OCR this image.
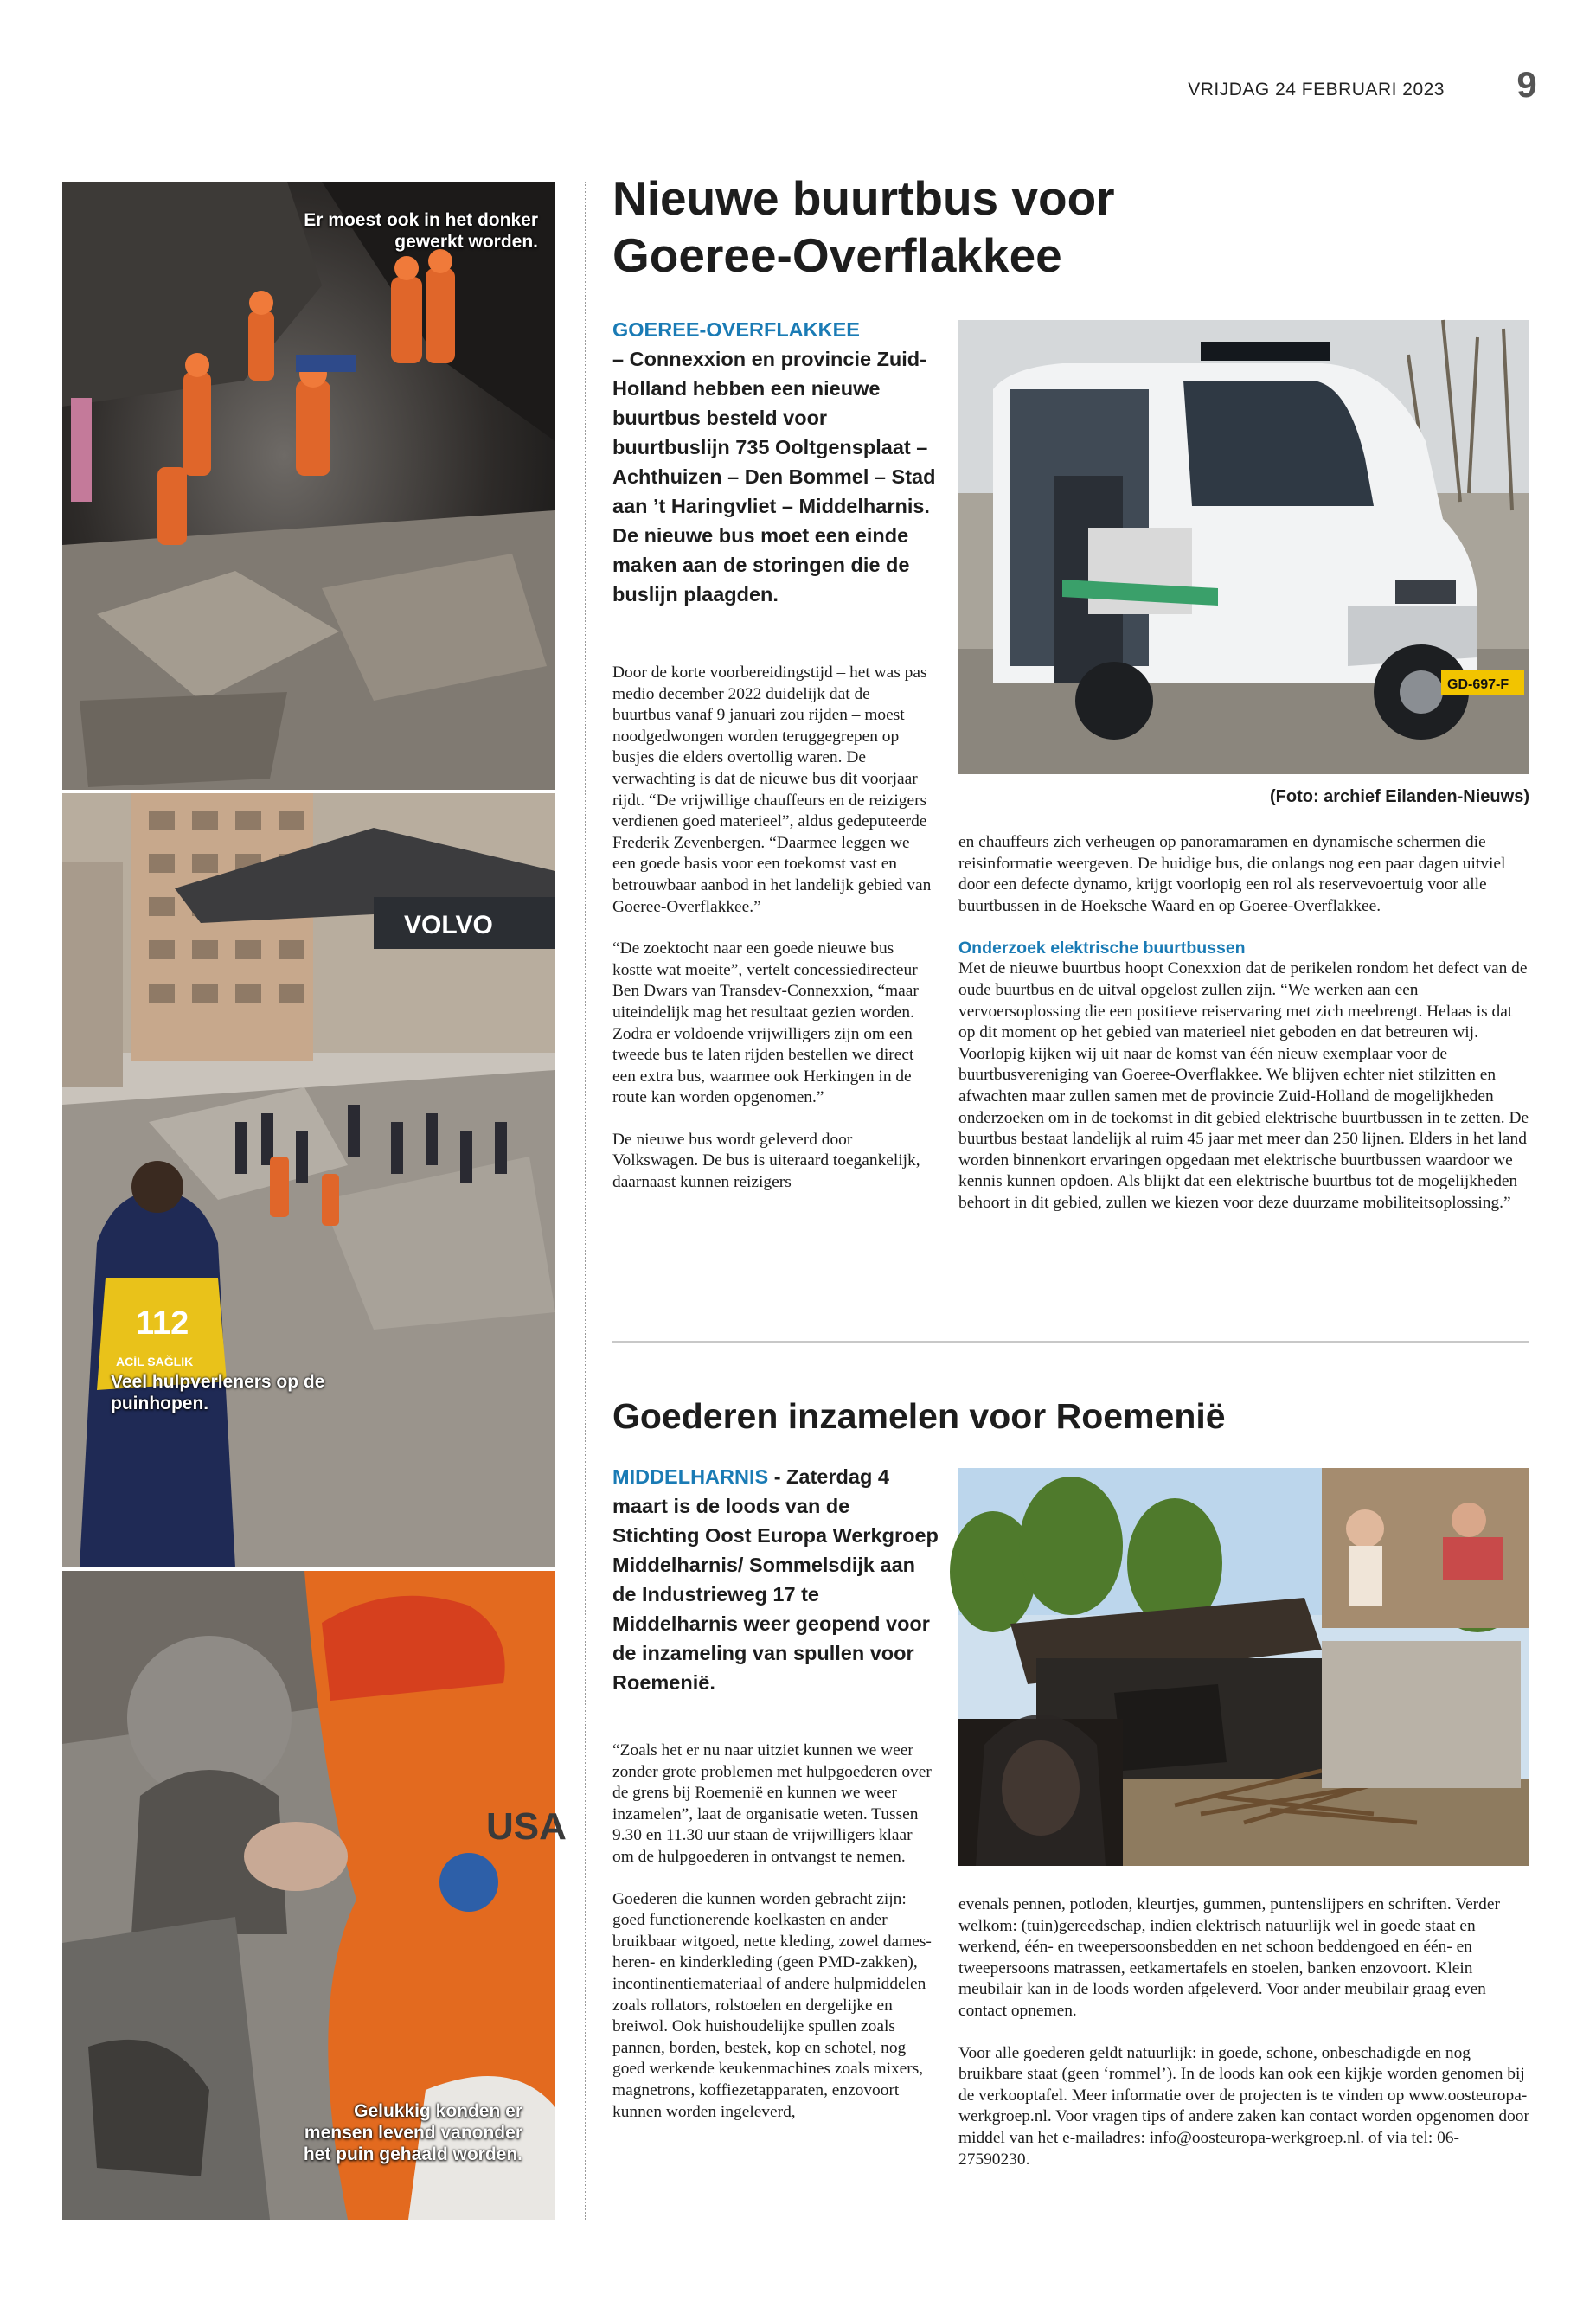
VRIJDAG 24 FEBRUARI 2023	9
Er moest ook in het donker gewerkt worden.
VOLVO
112
ACİL SAĞLIK
Veel hulpverleners op de puinhopen.
USA
Gelukkig konden er mensen levend vanonder het puin gehaald worden.
Nieuwe buurtbus voor Goeree-Overflakkee
GOEREE-OVERFLAKKEE
– Connexxion en provincie Zuid-Holland hebben een nieuwe buurtbus besteld voor buurtbuslijn 735 Ooltgensplaat – Achthuizen – Den Bommel – Stad aan ’t Haringvliet – Middelharnis. De nieuwe bus moet een einde maken aan de storingen die de buslijn plaagden.
GD-697-F
(Foto: archief Eilanden-Nieuws)

Door de korte voorbereidingstijd – het was pas medio december 2022 duidelijk dat de buurtbus vanaf 9 januari zou rijden – moest noodgedwongen worden teruggegrepen op busjes die elders overtollig waren. De verwachting is dat de nieuwe bus dit voorjaar rijdt. “De vrijwillige chauffeurs en de reizigers verdienen goed materieel”, aldus gedeputeerde Frederik Zevenbergen. “Daarmee leggen we een goede basis voor een toekomst vast en betrouwbaar aanbod in het landelijk gebied van Goeree-Overflakkee.”

“De zoektocht naar een goede nieuwe bus kostte wat moeite”, vertelt concessiedirecteur Ben Dwars van Transdev-Connexxion, “maar uiteindelijk mag het resultaat gezien worden. Zodra er voldoende vrijwilligers zijn om een tweede bus te laten rijden bestellen we direct een extra bus, waarmee ook Herkingen in de route kan worden opgenomen.”

De nieuwe bus wordt geleverd door Volkswagen. De bus is uiteraard toegankelijk, daarnaast kunnen reizigers

en chauffeurs zich verheugen op panoramaramen en dynamische schermen die reisinformatie weergeven. De huidige bus, die onlangs nog een paar dagen uitviel door een defecte dynamo, krijgt voorlopig een rol als reservevoertuig voor alle buurtbussen in de Hoeksche Waard en op Goeree-Overflakkee.

Onderzoek elektrische buurtbussen

Met de nieuwe buurtbus hoopt Conexxion dat de perikelen rondom het defect van de oude buurtbus en de uitval opgelost zullen zijn. “We werken aan een vervoersoplossing die een positieve reiservaring met zich meebrengt. Helaas is dat op dit moment op het gebied van materieel niet geboden en dat betreuren wij. Voorlopig kijken wij uit naar de komst van één nieuw exemplaar voor de buurtbusvereniging van Goeree-Overflakkee. We blijven echter niet stilzitten en afwachten maar zullen samen met de provincie Zuid-Holland de mogelijkheden onderzoeken om in de toekomst in dit gebied elektrische buurtbussen in te zetten. De buurtbus bestaat landelijk al ruim 45 jaar met meer dan 250 lijnen. Elders in het land worden binnenkort ervaringen opgedaan met elektrische buurtbussen waardoor we kennis kunnen opdoen. Als blijkt dat een elektrische buurtbus tot de mogelijkheden behoort in dit gebied, zullen we kiezen voor deze duurzame mobiliteitsoplossing.”

Goederen inzamelen voor Roemenië
MIDDELHARNIS - Zaterdag 4 maart is de loods van de Stichting Oost Europa Werkgroep Middelharnis/ Sommelsdijk aan de Industrieweg 17 te Middelharnis weer geopend voor de inzameling van spullen voor Roemenië.

“Zoals het er nu naar uitziet kunnen we weer zonder grote problemen met hulpgoederen over de grens bij Roemenië en kunnen we weer inzamelen”, laat de organisatie weten. Tussen 9.30 en 11.30 uur staan de vrijwilligers klaar om de hulpgoederen in ontvangst te nemen.

Goederen die kunnen worden gebracht zijn: goed functionerende koelkasten en ander bruikbaar witgoed, nette kleding, zowel dames- heren- en kinderkleding (geen PMD-zakken), incontinentiemateriaal of andere hulpmiddelen zoals rollators, rolstoelen en dergelijke en breiwol. Ook huishoudelijke spullen zoals pannen, borden, bestek, kop en schotel, nog goed werkende keukenmachines zoals mixers, magnetrons, koffiezetapparaten, enzovoort kunnen worden ingeleverd,

evenals pennen, potloden, kleurtjes, gummen, puntenslijpers en schriften. Verder welkom: (tuin)gereedschap, indien elektrisch natuurlijk wel in goede staat en werkend, één- en tweepersoonsbedden en net schoon beddengoed en één- en tweepersoons matrassen, eetkamertafels en stoelen, banken enzovoort. Klein meubilair kan in de loods worden afgeleverd. Voor ander meubilair graag even contact opnemen.

Voor alle goederen geldt natuurlijk: in goede, schone, onbeschadigde en nog bruikbare staat (geen ‘rommel’). In de loods kan ook een kijkje worden genomen bij de verkooptafel. Meer informatie over de projecten is te vinden op www.oosteuropa-werkgroep.nl. Voor vragen tips of andere zaken kan contact worden opgenomen door middel van het e-mailadres: info@oosteuropa-werkgroep.nl. of via tel: 06-27590230.
